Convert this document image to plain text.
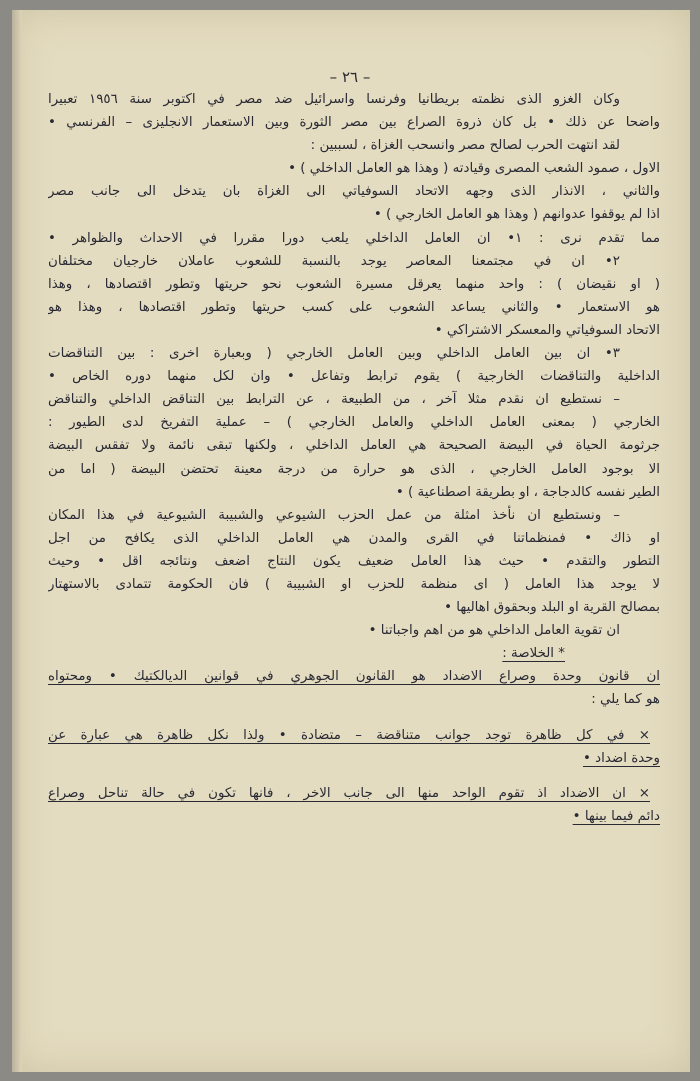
– ٢٦ –
وكان الغزو الذى نظمته بريطانيا وفرنسا واسرائيل ضد مصر في اكتوبر سنة ١٩٥٦ تعبيرا
واضحا عن ذلك • بل كان ذروة الصراع بين مصر الثورة وبين الاستعمار الانجليزى – الفرنسي •
لقد انتهت الحرب لصالح مصر وانسحب الغزاة ، لسببين :
الاول ، صمود الشعب المصرى وقيادته ( وهذا هو العامل الداخلي ) •
والثاني ، الانذار الذى وجهه الاتحاد السوفياتي الى الغزاة بان يتدخل الى جانب مصر
اذا لم يوقفوا عدوانهم ( وهذا هو العامل الخارجي ) •
مما تقدم نرى : ١• ان العامل الداخلي يلعب دورا مقررا في الاحداث والظواهر •
٢• ان في مجتمعنا المعاصر يوجد بالنسبة للشعوب عاملان خارجيان مختلفان
( او نقيضان ) : واحد منهما يعرقل مسيرة الشعوب نحو حريتها وتطور اقتصادها ، وهذا
هو الاستعمار • والثاني يساعد الشعوب على كسب حريتها وتطور اقتصادها ، وهذا هو
الاتحاد السوفياتي والمعسكر الاشتراكي •
٣• ان بين العامل الداخلي وبين العامل الخارجي ( وبعبارة اخرى : بين التناقضات
الداخلية والتناقضات الخارجية ) يقوم ترابط وتفاعل • وان لكل منهما دوره الخاص •
– نستطيع ان نقدم مثلا آخر ، من الطبيعة ، عن الترابط بين التناقض الداخلي والتناقض
الخارجي ( بمعنى العامل الداخلي والعامل الخارجي ) – عملية التفريخ لدى الطيور :
جرثومة الحياة في البيضة الصحيحة هي العامل الداخلي ، ولكنها تبقى نائمة ولا تفقس البيضة
الا بوجود العامل الخارجي ، الذى هو حرارة من درجة معينة تحتضن البيضة ( اما من
الطير نفسه كالدجاجة ، او بطريقة اصطناعية ) •
– ونستطيع ان نأخذ امثلة من عمل الحزب الشيوعي والشبيبة الشيوعية في هذا المكان
او ذاك • فمنظماتنا في القرى والمدن هي العامل الداخلي الذى يكافح من اجل
التطور والتقدم • حيث هذا العامل ضعيف يكون النتاج اضعف ونتائجه اقل • وحيث
لا يوجد هذا العامل ( اى منظمة للحزب او الشبيبة ) فان الحكومة تتمادى بالاستهتار
بمصالح القرية او البلد وبحقوق اهاليها •
ان تقوية العامل الداخلي هو من اهم واجباتنا •
* الخلاصة :
ان قانون وحدة وصراع الاضداد هو القانون الجوهري في قوانين الديالكتيك • ومحتواه
هو كما يلي :
× في كل ظاهرة توجد جوانب متناقضة – متضادة • ولذا نكل ظاهرة هي عبارة عن
وحدة اضداد •
× ان الاضداد اذ تقوم الواحد منها الى جانب الاخر ، فانها تكون في حالة تناحل وصراع
دائم فيما بينها •
